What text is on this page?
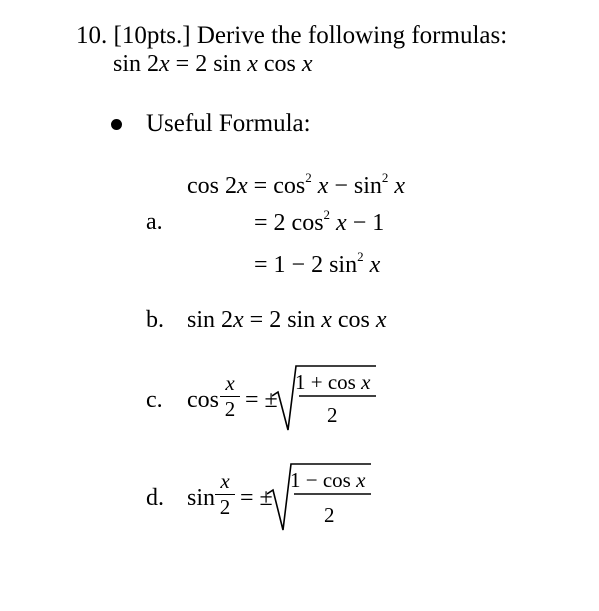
10. [10pts.] Derive the following formulas:
sin 2x = 2 sin x cos x
Useful Formula:
$\cos 2x = \cos^2 x - \sin^2 x$
a.	= 2 $\cos^2 x - 1$
= 1 − 2 $\sin^2 x$
b. sin 2x = 2 sin x cos x
c. cos
x
2 = ±
1 + cos x
2
d. sin
x
2 = ±
1 − cos x
2
